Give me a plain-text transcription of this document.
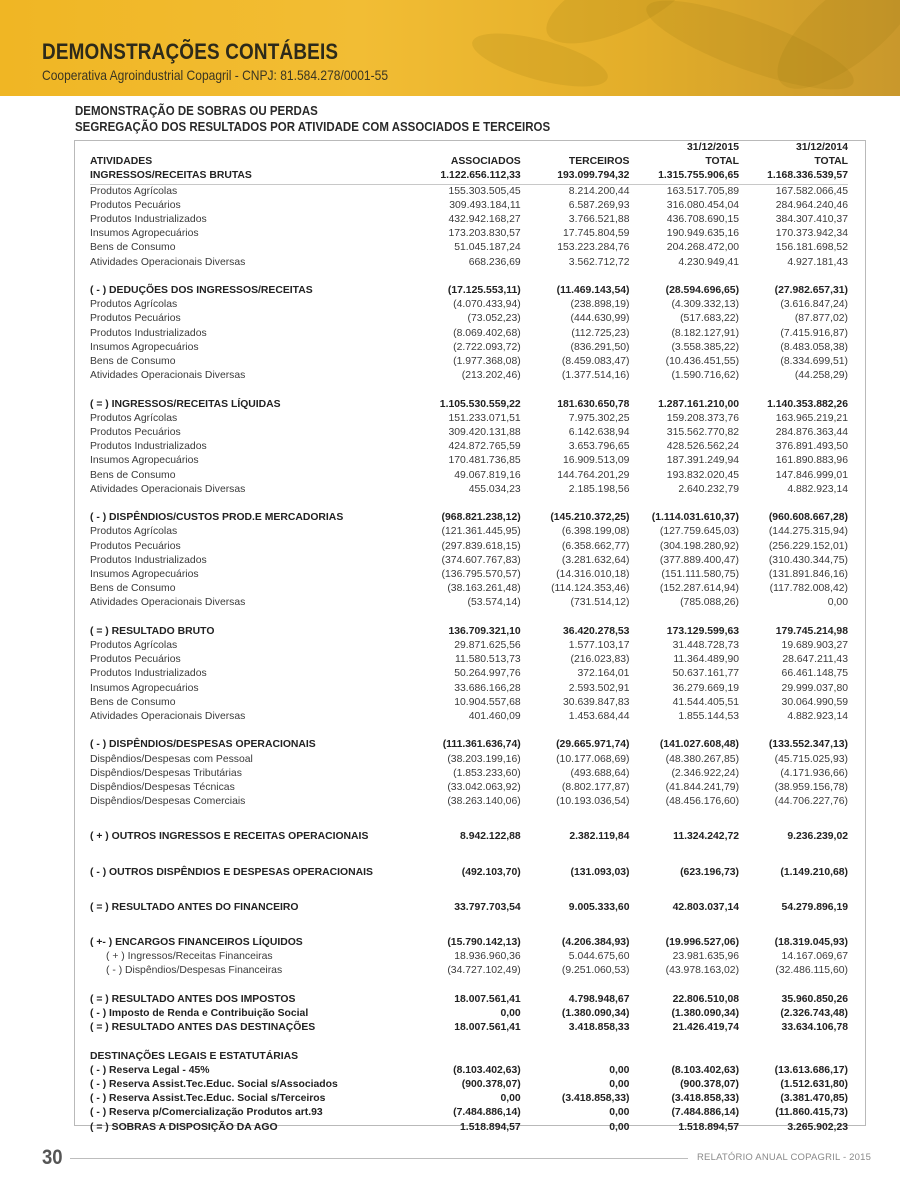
DEMONSTRAÇÕES CONTÁBEIS
Cooperativa Agroindustrial Copagril - CNPJ: 81.584.278/0001-55
DEMONSTRAÇÃO DE SOBRAS OU PERDAS
SEGREGAÇÃO DOS RESULTADOS POR ATIVIDADE COM ASSOCIADOS E TERCEIROS
			31/12/2015	31/12/2014
ATIVIDADES	ASSOCIADOS	TERCEIROS	TOTAL	TOTAL
INGRESSOS/RECEITAS BRUTAS	1.122.656.112,33	193.099.794,32	1.315.755.906,65	1.168.336.539,57
Produtos Agrícolas	155.303.505,45	8.214.200,44	163.517.705,89	167.582.066,45
Produtos Pecuários	309.493.184,11	6.587.269,93	316.080.454,04	284.964.240,46
Produtos Industrializados	432.942.168,27	3.766.521,88	436.708.690,15	384.307.410,37
Insumos Agropecuários	173.203.830,57	17.745.804,59	190.949.635,16	170.373.942,34
Bens de Consumo	51.045.187,24	153.223.284,76	204.268.472,00	156.181.698,52
Atividades Operacionais Diversas	668.236,69	3.562.712,72	4.230.949,41	4.927.181,43

( - ) DEDUÇÕES DOS INGRESSOS/RECEITAS	(17.125.553,11)	(11.469.143,54)	(28.594.696,65)	(27.982.657,31)
Produtos Agrícolas	(4.070.433,94)	(238.898,19)	(4.309.332,13)	(3.616.847,24)
Produtos Pecuários	(73.052,23)	(444.630,99)	(517.683,22)	(87.877,02)
Produtos Industrializados	(8.069.402,68)	(112.725,23)	(8.182.127,91)	(7.415.916,87)
Insumos Agropecuários	(2.722.093,72)	(836.291,50)	(3.558.385,22)	(8.483.058,38)
Bens de Consumo	(1.977.368,08)	(8.459.083,47)	(10.436.451,55)	(8.334.699,51)
Atividades Operacionais Diversas	(213.202,46)	(1.377.514,16)	(1.590.716,62)	(44.258,29)

( = ) INGRESSOS/RECEITAS LÍQUIDAS	1.105.530.559,22	181.630.650,78	1.287.161.210,00	1.140.353.882,26
Produtos Agrícolas	151.233.071,51	7.975.302,25	159.208.373,76	163.965.219,21
Produtos Pecuários	309.420.131,88	6.142.638,94	315.562.770,82	284.876.363,44
Produtos Industrializados	424.872.765,59	3.653.796,65	428.526.562,24	376.891.493,50
Insumos Agropecuários	170.481.736,85	16.909.513,09	187.391.249,94	161.890.883,96
Bens de Consumo	49.067.819,16	144.764.201,29	193.832.020,45	147.846.999,01
Atividades Operacionais Diversas	455.034,23	2.185.198,56	2.640.232,79	4.882.923,14

( - ) DISPÊNDIOS/CUSTOS PROD.E MERCADORIAS	(968.821.238,12)	(145.210.372,25)	(1.114.031.610,37)	(960.608.667,28)
Produtos Agrícolas	(121.361.445,95)	(6.398.199,08)	(127.759.645,03)	(144.275.315,94)
Produtos Pecuários	(297.839.618,15)	(6.358.662,77)	(304.198.280,92)	(256.229.152,01)
Produtos Industrializados	(374.607.767,83)	(3.281.632,64)	(377.889.400,47)	(310.430.344,75)
Insumos Agropecuários	(136.795.570,57)	(14.316.010,18)	(151.111.580,75)	(131.891.846,16)
Bens de Consumo	(38.163.261,48)	(114.124.353,46)	(152.287.614,94)	(117.782.008,42)
Atividades Operacionais Diversas	(53.574,14)	(731.514,12)	(785.088,26)	0,00

( = ) RESULTADO BRUTO	136.709.321,10	36.420.278,53	173.129.599,63	179.745.214,98
Produtos Agrícolas	29.871.625,56	1.577.103,17	31.448.728,73	19.689.903,27
Produtos Pecuários	11.580.513,73	(216.023,83)	11.364.489,90	28.647.211,43
Produtos Industrializados	50.264.997,76	372.164,01	50.637.161,77	66.461.148,75
Insumos Agropecuários	33.686.166,28	2.593.502,91	36.279.669,19	29.999.037,80
Bens de Consumo	10.904.557,68	30.639.847,83	41.544.405,51	30.064.990,59
Atividades Operacionais Diversas	401.460,09	1.453.684,44	1.855.144,53	4.882.923,14

( - ) DISPÊNDIOS/DESPESAS OPERACIONAIS	(111.361.636,74)	(29.665.971,74)	(141.027.608,48)	(133.552.347,13)
Dispêndios/Despesas com Pessoal	(38.203.199,16)	(10.177.068,69)	(48.380.267,85)	(45.715.025,93)
Dispêndios/Despesas Tributárias	(1.853.233,60)	(493.688,64)	(2.346.922,24)	(4.171.936,66)
Dispêndios/Despesas Técnicas	(33.042.063,92)	(8.802.177,87)	(41.844.241,79)	(38.959.156,78)
Dispêndios/Despesas Comerciais	(38.263.140,06)	(10.193.036,54)	(48.456.176,60)	(44.706.227,76)

( + ) OUTROS INGRESSOS E RECEITAS OPERACIONAIS	8.942.122,88	2.382.119,84	11.324.242,72	9.236.239,02

( - ) OUTROS DISPÊNDIOS E DESPESAS OPERACIONAIS	(492.103,70)	(131.093,03)	(623.196,73)	(1.149.210,68)

( = ) RESULTADO ANTES DO FINANCEIRO	33.797.703,54	9.005.333,60	42.803.037,14	54.279.896,19

( +- ) ENCARGOS FINANCEIROS LÍQUIDOS	(15.790.142,13)	(4.206.384,93)	(19.996.527,06)	(18.319.045,93)
( + ) Ingressos/Receitas Financeiras	18.936.960,36	5.044.675,60	23.981.635,96	14.167.069,67
( - ) Dispêndios/Despesas Financeiras	(34.727.102,49)	(9.251.060,53)	(43.978.163,02)	(32.486.115,60)

( = ) RESULTADO ANTES DOS IMPOSTOS	18.007.561,41	4.798.948,67	22.806.510,08	35.960.850,26
( - ) Imposto de Renda e Contribuição Social	0,00	(1.380.090,34)	(1.380.090,34)	(2.326.743,48)
( = ) RESULTADO ANTES DAS DESTINAÇÕES	18.007.561,41	3.418.858,33	21.426.419,74	33.634.106,78

DESTINAÇÕES LEGAIS E ESTATUTÁRIAS				
( - ) Reserva Legal - 45%	(8.103.402,63)	0,00	(8.103.402,63)	(13.613.686,17)
( - ) Reserva Assist.Tec.Educ. Social s/Associados	(900.378,07)	0,00	(900.378,07)	(1.512.631,80)
( - ) Reserva Assist.Tec.Educ. Social s/Terceiros	0,00	(3.418.858,33)	(3.418.858,33)	(3.381.470,85)
( - ) Reserva p/Comercialização Produtos art.93	(7.484.886,14)	0,00	(7.484.886,14)	(11.860.415,73)
( = ) SOBRAS A DISPOSIÇÃO DA AGO	1.518.894,57	0,00	1.518.894,57	3.265.902,23
30	RELATÓRIO ANUAL COPAGRIL - 2015
